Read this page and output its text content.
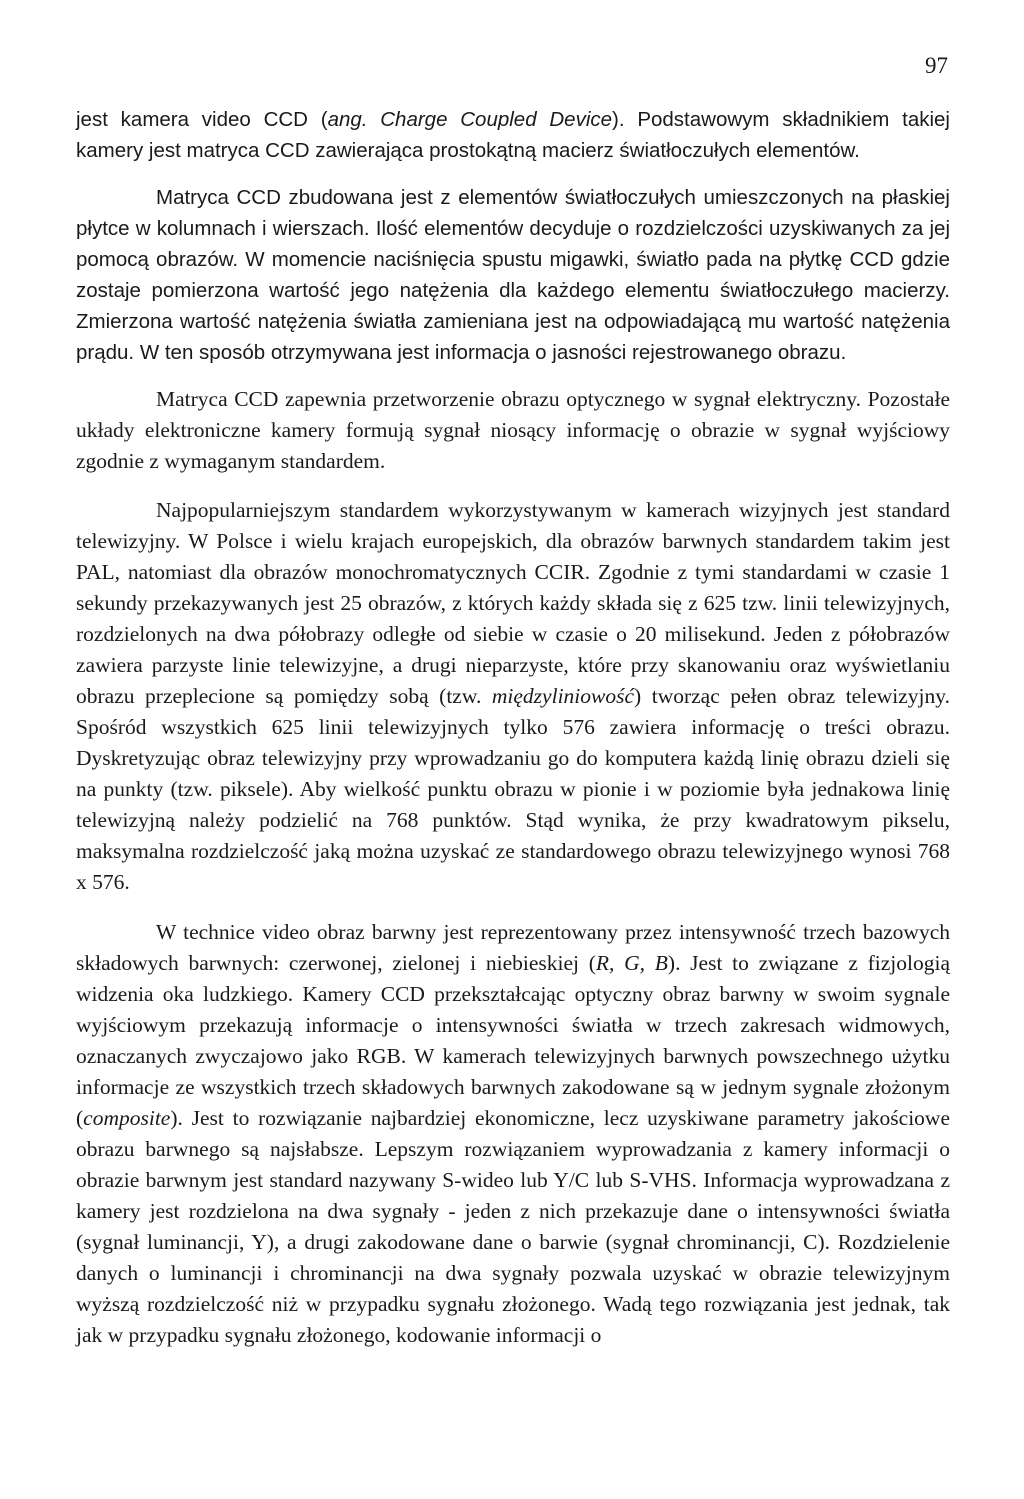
97

jest kamera video CCD (ang. Charge Coupled Device). Podstawowym składnikiem takiej kamery jest matryca CCD zawierająca prostokątną macierz światłoczułych elementów.

Matryca CCD zbudowana jest z elementów światłoczułych umieszczonych na płaskiej płytce w kolumnach i wierszach. Ilość elementów decyduje o rozdzielczości uzyskiwanych za jej pomocą obrazów. W momencie naciśnięcia spustu migawki, światło pada na płytkę CCD gdzie zostaje pomierzona wartość jego natężenia dla każdego elementu światłoczułego macierzy. Zmierzona wartość natężenia światła zamieniana jest na odpowiadającą mu wartość natężenia prądu. W ten sposób otrzymywana jest informacja o jasności rejestrowanego obrazu.

Matryca CCD zapewnia przetworzenie obrazu optycznego w sygnał elektryczny. Pozostałe układy elektroniczne kamery formują sygnał niosący informację o obrazie w sygnał wyjściowy zgodnie z wymaganym standardem.

Najpopularniejszym standardem wykorzystywanym w kamerach wizyjnych jest standard telewizyjny. W Polsce i wielu krajach europejskich, dla obrazów barwnych standardem takim jest PAL, natomiast dla obrazów monochromatycznych CCIR. Zgodnie z tymi standardami w czasie 1 sekundy przekazywanych jest 25 obrazów, z których każdy składa się z 625 tzw. linii telewizyjnych, rozdzielonych na dwa półobrazy odległe od siebie w czasie o 20 milisekund. Jeden z półobrazów zawiera parzyste linie telewizyjne, a drugi nieparzyste, które przy skanowaniu oraz wyświetlaniu obrazu przeplecione są pomiędzy sobą (tzw. międzyliniowość) tworząc pełen obraz telewizyjny. Spośród wszystkich 625 linii telewizyjnych tylko 576 zawiera informację o treści obrazu. Dyskretyzując obraz telewizyjny przy wprowadzaniu go do komputera każdą linię obrazu dzieli się na punkty (tzw. piksele). Aby wielkość punktu obrazu w pionie i w poziomie była jednakowa linię telewizyjną należy podzielić na 768 punktów. Stąd wynika, że przy kwadratowym pikselu, maksymalna rozdzielczość jaką można uzyskać ze standardowego obrazu telewizyjnego wynosi 768 x 576.

W technice video obraz barwny jest reprezentowany przez intensywność trzech bazowych składowych barwnych: czerwonej, zielonej i niebieskiej (R, G, B). Jest to związane z fizjologią widzenia oka ludzkiego. Kamery CCD przekształcając optyczny obraz barwny w swoim sygnale wyjściowym przekazują informacje o intensywności światła w trzech zakresach widmowych, oznaczanych zwyczajowo jako RGB. W kamerach telewizyjnych barwnych powszechnego użytku informacje ze wszystkich trzech składowych barwnych zakodowane są w jednym sygnale złożonym (composite). Jest to rozwiązanie najbardziej ekonomiczne, lecz uzyskiwane parametry jakościowe obrazu barwnego są najsłabsze. Lepszym rozwiązaniem wyprowadzania z kamery informacji o obrazie barwnym jest standard nazywany S-wideo lub Y/C lub S-VHS. Informacja wyprowadzana z kamery jest rozdzielona na dwa sygnały - jeden z nich przekazuje dane o intensywności światła (sygnał luminancji, Y), a drugi zakodowane dane o barwie (sygnał chrominancji, C). Rozdzielenie danych o luminancji i chrominancji na dwa sygnały pozwala uzyskać w obrazie telewizyjnym wyższą rozdzielczość niż w przypadku sygnału złożonego. Wadą tego rozwiązania jest jednak, tak jak w przypadku sygnału złożonego, kodowanie informacji o
